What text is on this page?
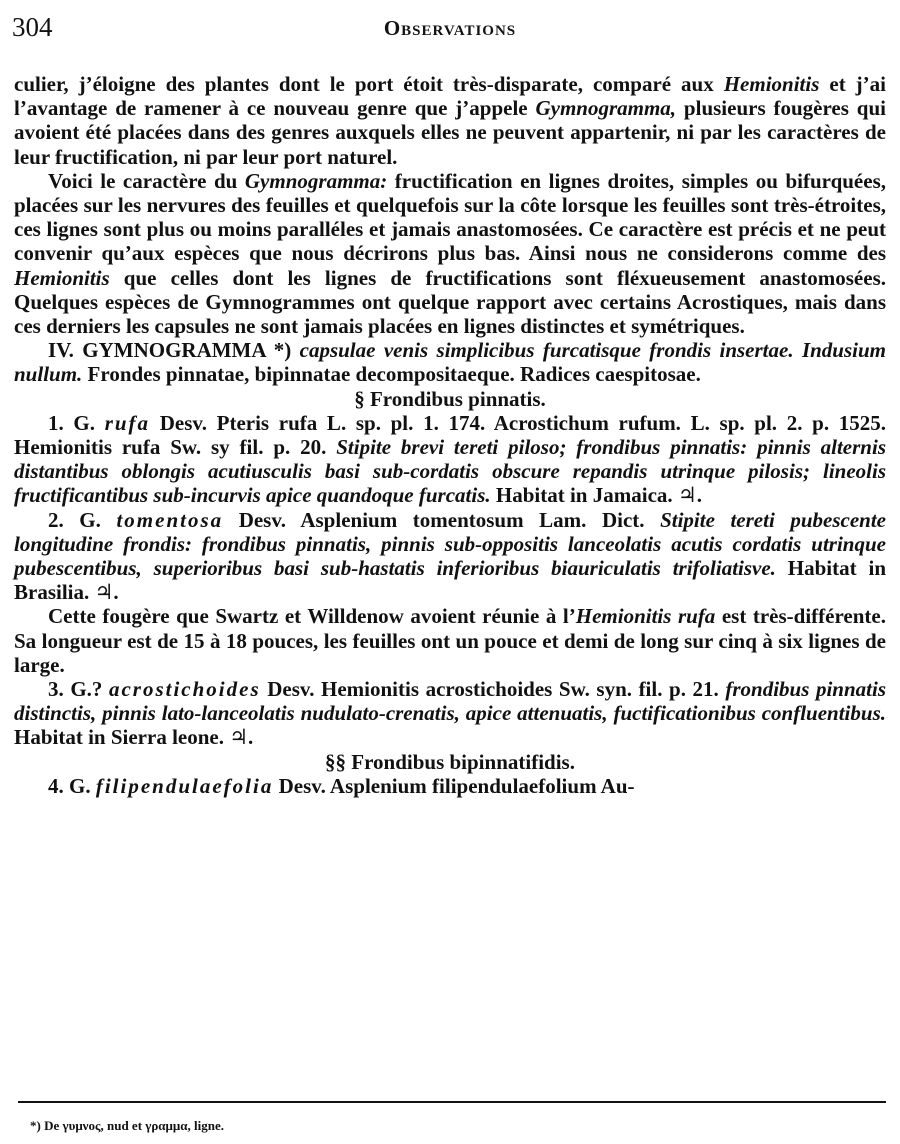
304	Observations

culier, j’éloigne des plantes dont le port étoit très-disparate, comparé aux Hemionitis et j’ai l’avantage de ramener à ce nouveau genre que j’appele Gymnogramma, plusieurs fougères qui avoient été placées dans des genres auxquels elles ne peuvent appartenir, ni par les caractères de leur fructification, ni par leur port naturel.

Voici le caractère du Gymnogramma: fructification en lignes droites, simples ou bifurquées, placées sur les nervures des feuilles et quelquefois sur la côte lorsque les feuilles sont très-étroites, ces lignes sont plus ou moins paralléles et jamais anastomosées. Ce caractère est précis et ne peut convenir qu’aux espèces que nous décrirons plus bas. Ainsi nous ne considerons comme des Hemionitis que celles dont les lignes de fructifications sont fléxueusement anastomosées. Quelques espèces de Gymnogrammes ont quelque rapport avec certains Acrostiques, mais dans ces derniers les capsules ne sont jamais placées en lignes distinctes et symétriques.

IV. GYMNOGRAMMA *) capsulae venis simplicibus furcatisque frondis insertae. Indusium nullum. Frondes pinnatae, bipinnatae decompositaeque. Radices caespitosae.

§ Frondibus pinnatis.

1. G. rufa Desv. Pteris rufa L. sp. pl. 1. 174. Acrostichum rufum. L. sp. pl. 2. p. 1525. Hemionitis rufa Sw. sy fil. p. 20. Stipite brevi tereti piloso; frondibus pinnatis: pinnis alternis distantibus oblongis acutiusculis basi sub-cordatis obscure repandis utrinque pilosis; lineolis fructificantibus sub-incurvis apice quandoque furcatis. Habitat in Jamaica. ♃.

2. G. tomentosa Desv. Asplenium tomentosum Lam. Dict. Stipite tereti pubescente longitudine frondis: frondibus pinnatis, pinnis sub-oppositis lanceolatis acutis cordatis utrinque pubescentibus, superioribus basi sub-hastatis inferioribus biauriculatis trifoliatisve. Habitat in Brasilia. ♃.

Cette fougère que Swartz et Willdenow avoient réunie à l’Hemionitis rufa est très-différente. Sa longueur est de 15 à 18 pouces, les feuilles ont un pouce et demi de long sur cinq à six lignes de large.

3. G.? acrostichoides Desv. Hemionitis acrostichoides Sw. syn. fil. p. 21. frondibus pinnatis distinctis, pinnis lato-lanceolatis nudulato-crenatis, apice attenuatis, fuctificationibus confluentibus. Habitat in Sierra leone. ♃.

§§ Frondibus bipinnatifidis.

4. G. filipendulaefolia Desv. Asplenium filipendulaefolium Au-

*) De γυμνος, nud et γραμμα, ligne.
